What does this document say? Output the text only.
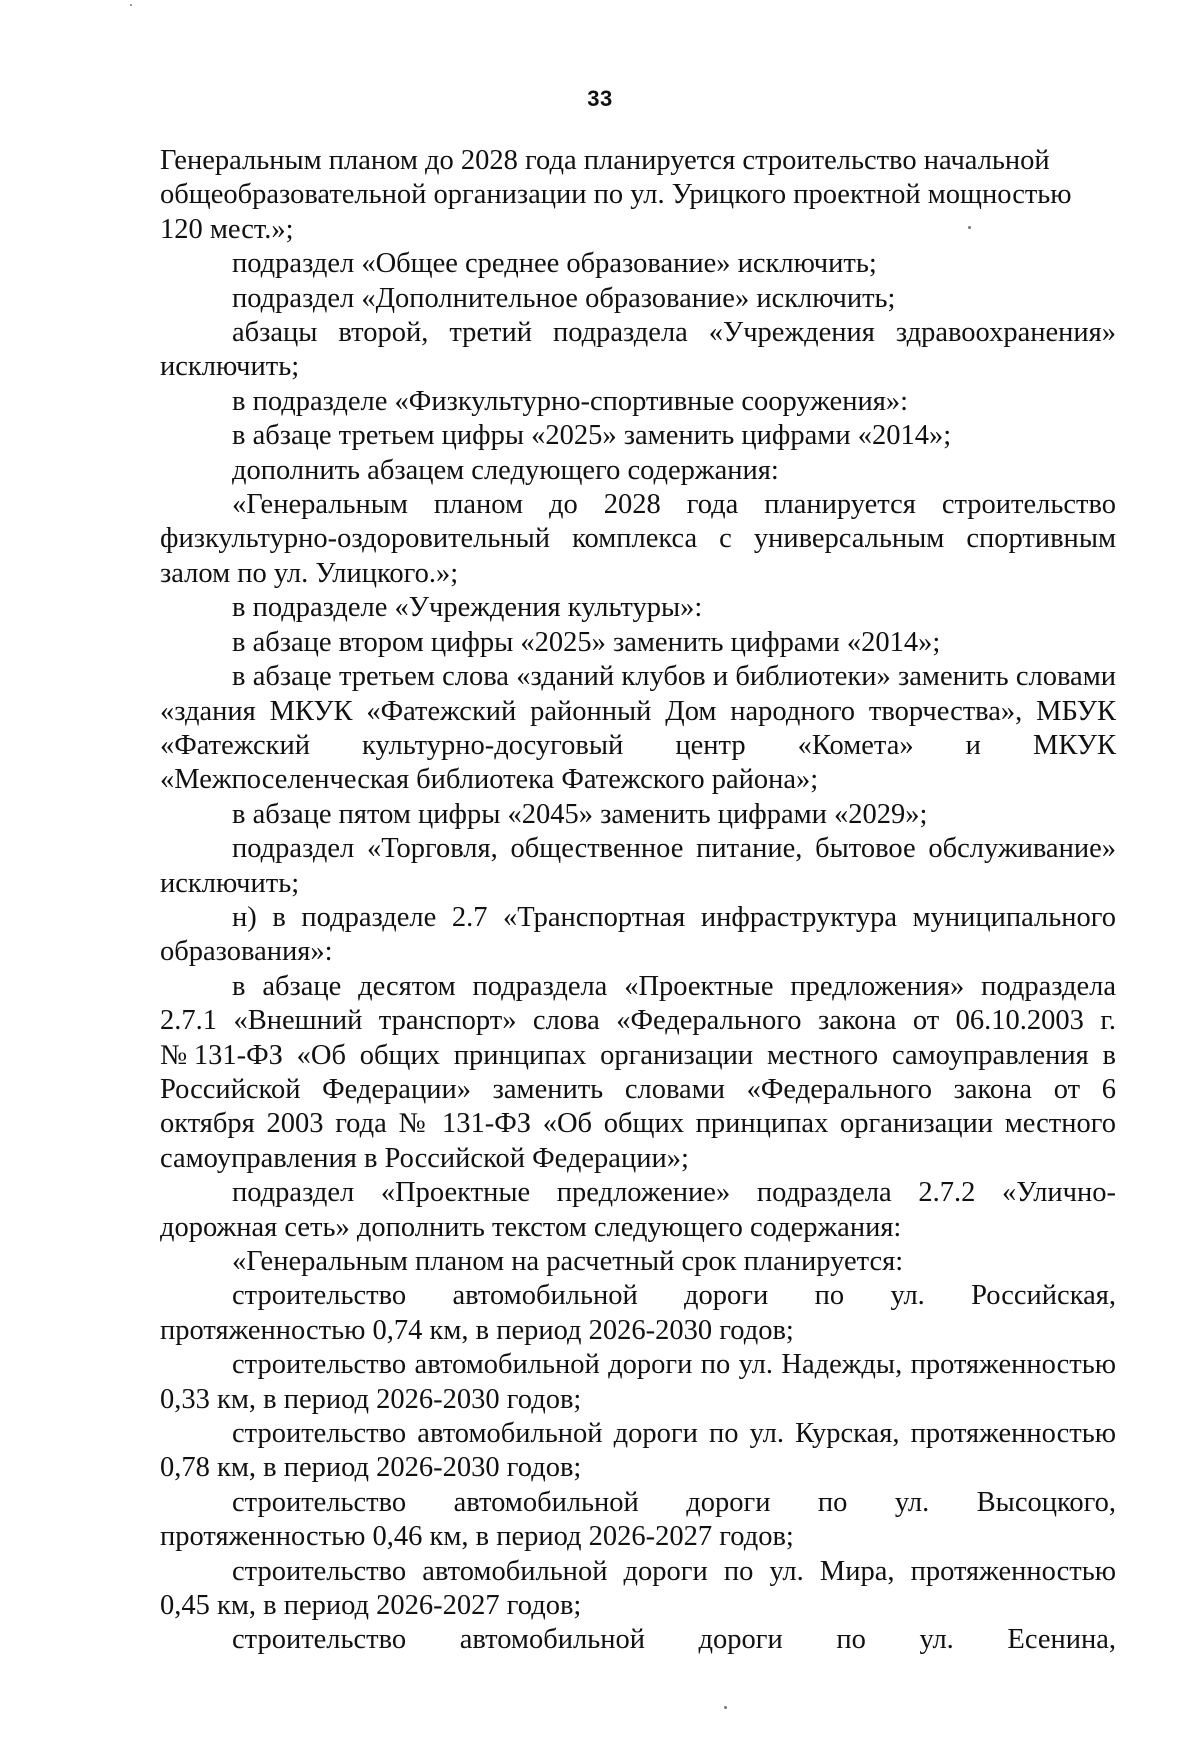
33

Генеральным планом до 2028 года планируется строительство начальной общеобразовательной организации по ул. Урицкого проектной мощностью 120 мест.»;

подраздел «Общее среднее образование» исключить;

подраздел «Дополнительное образование» исключить;

абзацы второй, третий подраздела «Учреждения здравоохранения» исключить;

в подразделе «Физкультурно-спортивные сооружения»:

в абзаце третьем цифры «2025» заменить цифрами «2014»;

дополнить абзацем следующего содержания:

«Генеральным планом до 2028 года планируется строительство физкультурно-оздоровительный комплекса с универсальным спортивным залом по ул. Улицкого.»;

в подразделе «Учреждения культуры»:

в абзаце втором цифры «2025» заменить цифрами «2014»;

в абзаце третьем слова «зданий клубов и библиотеки» заменить словами «здания МКУК «Фатежский районный Дом народного творчества», МБУК «Фатежский культурно-досуговый центр «Комета» и МКУК «Межпоселенческая библиотека Фатежского района»;

в абзаце пятом цифры «2045» заменить цифрами «2029»;

подраздел «Торговля, общественное питание, бытовое обслуживание» исключить;

н) в подразделе 2.7 «Транспортная инфраструктура муниципального образования»:

в абзаце десятом подраздела «Проектные предложения» подраздела 2.7.1 «Внешний транспорт» слова «Федерального закона от 06.10.2003 г. №131-ФЗ «Об общих принципах организации местного самоуправления в Российской Федерации» заменить словами «Федерального закона от 6 октября 2003 года № 131-ФЗ «Об общих принципах организации местного самоуправления в Российской Федерации»;

подраздел «Проектные предложение» подраздела 2.7.2 «Улично-дорожная сеть» дополнить текстом следующего содержания:

«Генеральным планом на расчетный срок планируется:

строительство автомобильной дороги по ул. Российская, протяженностью 0,74 км, в период 2026-2030 годов;

строительство автомобильной дороги по ул. Надежды, протяженностью 0,33 км, в период 2026-2030 годов;

строительство автомобильной дороги по ул. Курская, протяженностью 0,78 км, в период 2026-2030 годов;

строительство автомобильной дороги по ул. Высоцкого, протяженностью 0,46 км, в период 2026-2027 годов;

строительство автомобильной дороги по ул. Мира, протяженностью 0,45 км, в период 2026-2027 годов;

строительство автомобильной дороги по ул. Есенина,
